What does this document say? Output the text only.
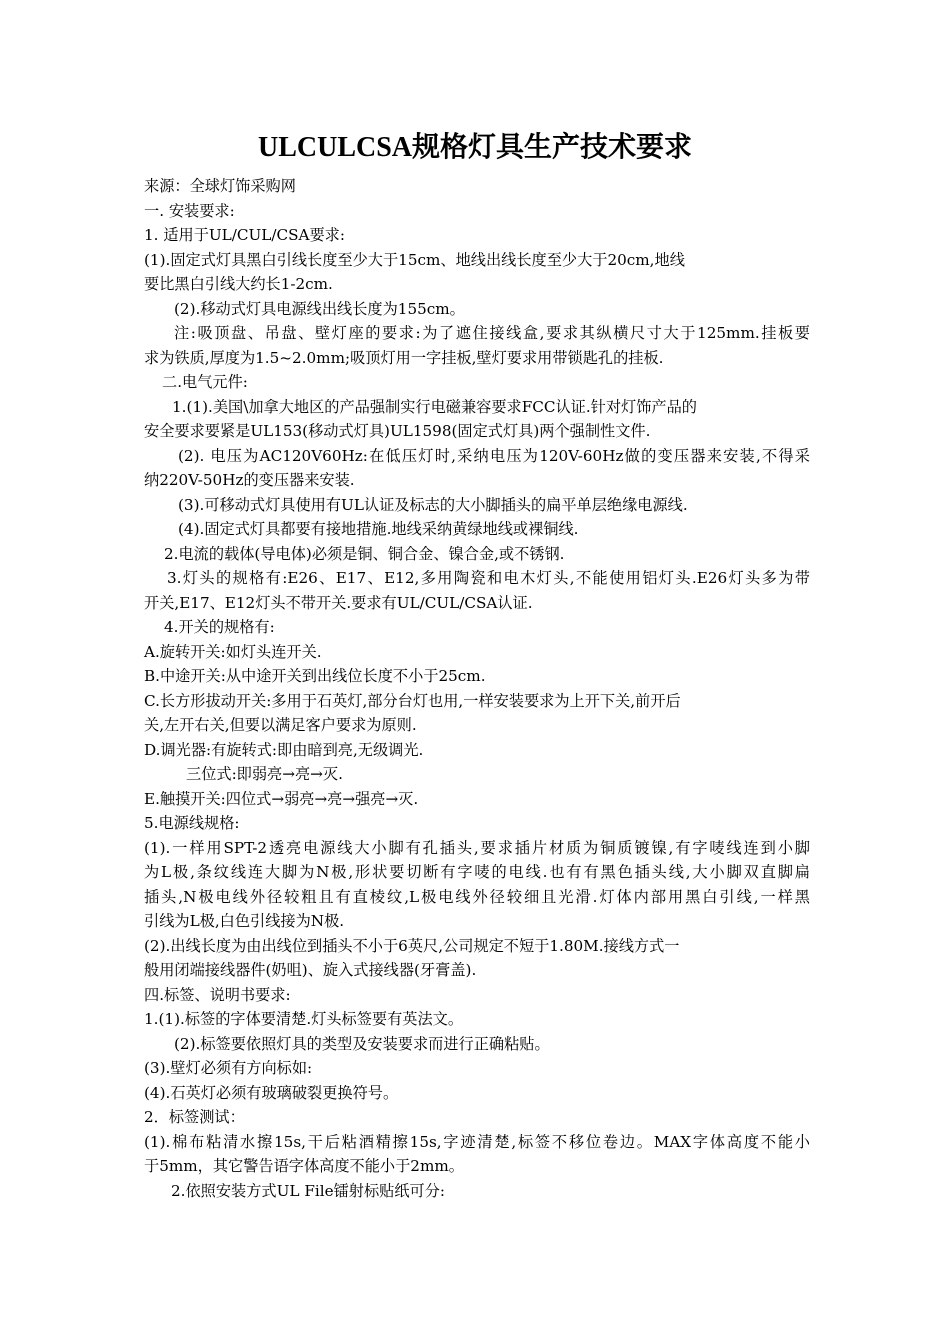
ULCULCSA规格灯具生产技术要求
来源：全球灯饰采购网
一. 安装要求:
1. 适用于UL/CUL/CSA要求:
(1).固定式灯具黑白引线长度至少大于15cm、地线出线长度至少大于20cm,地线
要比黑白引线大约长1-2cm.
(2).移动式灯具电源线出线长度为155cm。
注:吸顶盘、吊盘、壁灯座的要求:为了遮住接线盒,要求其纵横尺寸大于125mm.挂板要
求为铁质,厚度为1.5~2.0mm;吸顶灯用一字挂板,壁灯要求用带锁匙孔的挂板.
二.电气元件:
1.(1).美国\加拿大地区的产品强制实行电磁兼容要求FCC认证.针对灯饰产品的
安全要求要紧是UL153(移动式灯具)UL1598(固定式灯具)两个强制性文件.
(2). 电压为AC120V60Hz:在低压灯时,采纳电压为120V-60Hz做的变压器来安装,不得采
纳220V-50Hz的变压器来安装.
(3).可移动式灯具使用有UL认证及标志的大小脚插头的扁平单层绝缘电源线.
(4).固定式灯具都要有接地措施.地线采纳黄绿地线或裸铜线.
2.电流的载体(导电体)必须是铜、铜合金、镍合金,或不锈钢.
3.灯头的规格有:E26、E17、E12,多用陶瓷和电木灯头,不能使用铝灯头.E26灯头多为带
开关,E17、E12灯头不带开关.要求有UL/CUL/CSA认证.
4.开关的规格有:
A.旋转开关:如灯头连开关.
B.中途开关:从中途开关到出线位长度不小于25cm.
C.长方形拔动开关:多用于石英灯,部分台灯也用,一样安装要求为上开下关,前开后
关,左开右关,但要以满足客户要求为原则.
D.调光器:有旋转式:即由暗到亮,无级调光.
三位式:即弱亮→亮→灭.
E.触摸开关:四位式→弱亮→亮→强亮→灭.
5.电源线规格:
(1).一样用SPT-2透亮电源线大小脚有孔插头,要求插片材质为铜质镀镍,有字唛线连到小脚
为L极,条纹线连大脚为N极,形状要切断有字唛的电线.也有有黑色插头线,大小脚双直脚扁
插头,N极电线外径较粗且有直棱纹,L极电线外径较细且光滑.灯体内部用黑白引线,一样黑
引线为L极,白色引线接为N极.
(2).出线长度为由出线位到插头不小于6英尺,公司规定不短于1.80M.接线方式一
般用闭端接线器件(奶咀)、旋入式接线器(牙膏盖).
四.标签、说明书要求:
1.(1).标签的字体要清楚.灯头标签要有英法文。
(2).标签要依照灯具的类型及安装要求而进行正确粘贴。
(3).壁灯必须有方向标如:
(4).石英灯必须有玻璃破裂更换符号。
2．标签测试：
(1).棉布粘清水擦15s,干后粘酒精擦15s,字迹清楚,标签不移位卷边。MAX字体高度不能小
于5mm，其它警告语字体高度不能小于2mm。
2.依照安装方式UL File镭射标贴纸可分:
